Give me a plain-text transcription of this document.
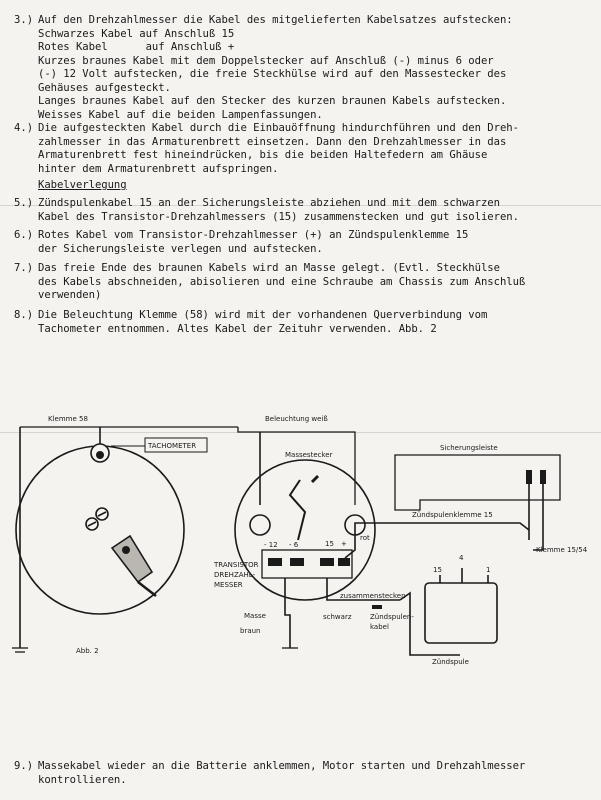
3.) Auf den Drehzahlmesser die Kabel des mitgelieferten Kabelsatzes aufstecken:
Schwarzes Kabel auf Anschluß 15
Rotes Kabel      auf Anschluß +
Kurzes braunes Kabel mit dem Doppelstecker auf Anschluß (-) minus 6 oder
(-) 12 Volt aufstecken, die freie Steckhülse wird auf den Massestecker des
Gehäuses aufgesteckt.
Langes braunes Kabel auf den Stecker des kurzen braunen Kabels aufstecken.
Weisses Kabel auf die beiden Lampenfassungen.
4.) Die aufgesteckten Kabel durch die Einbauöffnung hindurchführen und den Dreh-
zahlmesser in das Armaturenbrett einsetzen. Dann den Drehzahlmesser in das
Armaturenbrett fest hineindrücken, bis die beiden Haltefedern am Ghäuse
hinter dem Armaturenbrett aufspringen.
Kabelverlegung
5.) Zündspulenkabel 15 an der Sicherungsleiste abziehen und mit dem schwarzen
Kabel des Transistor-Drehzahlmessers (15) zusammenstecken und gut isolieren.
6.) Rotes Kabel vom Transistor-Drehzahlmesser (+) an Zündspulenklemme 15
der Sicherungsleiste verlegen und aufstecken.
7.) Das freie Ende des braunen Kabels wird an Masse gelegt. (Evtl. Steckhülse
des Kabels abschneiden, abisolieren und eine Schraube am Chassis zum Anschluß
verwenden)
8.) Die Beleuchtung Klemme (58) wird mit der vorhandenen Querverbindung vom
Tachometer entnommen. Altes Kabel der Zeituhr verwenden. Abb. 2
TACHOMETER
Klemme 58	Beleuchtung weiß
Abb. 2
Massestecker
- 12 - 6	15 +
TRANSISTOR
DREHZAHL-
MESSER
Masse
braun
Sicherungsleiste
Zündspulenklemme 15
rot
Klemme 15/54
zusammenstecken
schwarz	Zündspulen-
kabel
15
4
1
Zündspule
9.) Massekabel wieder an die Batterie anklemmen, Motor starten und Drehzahlmesser
kontrollieren.
